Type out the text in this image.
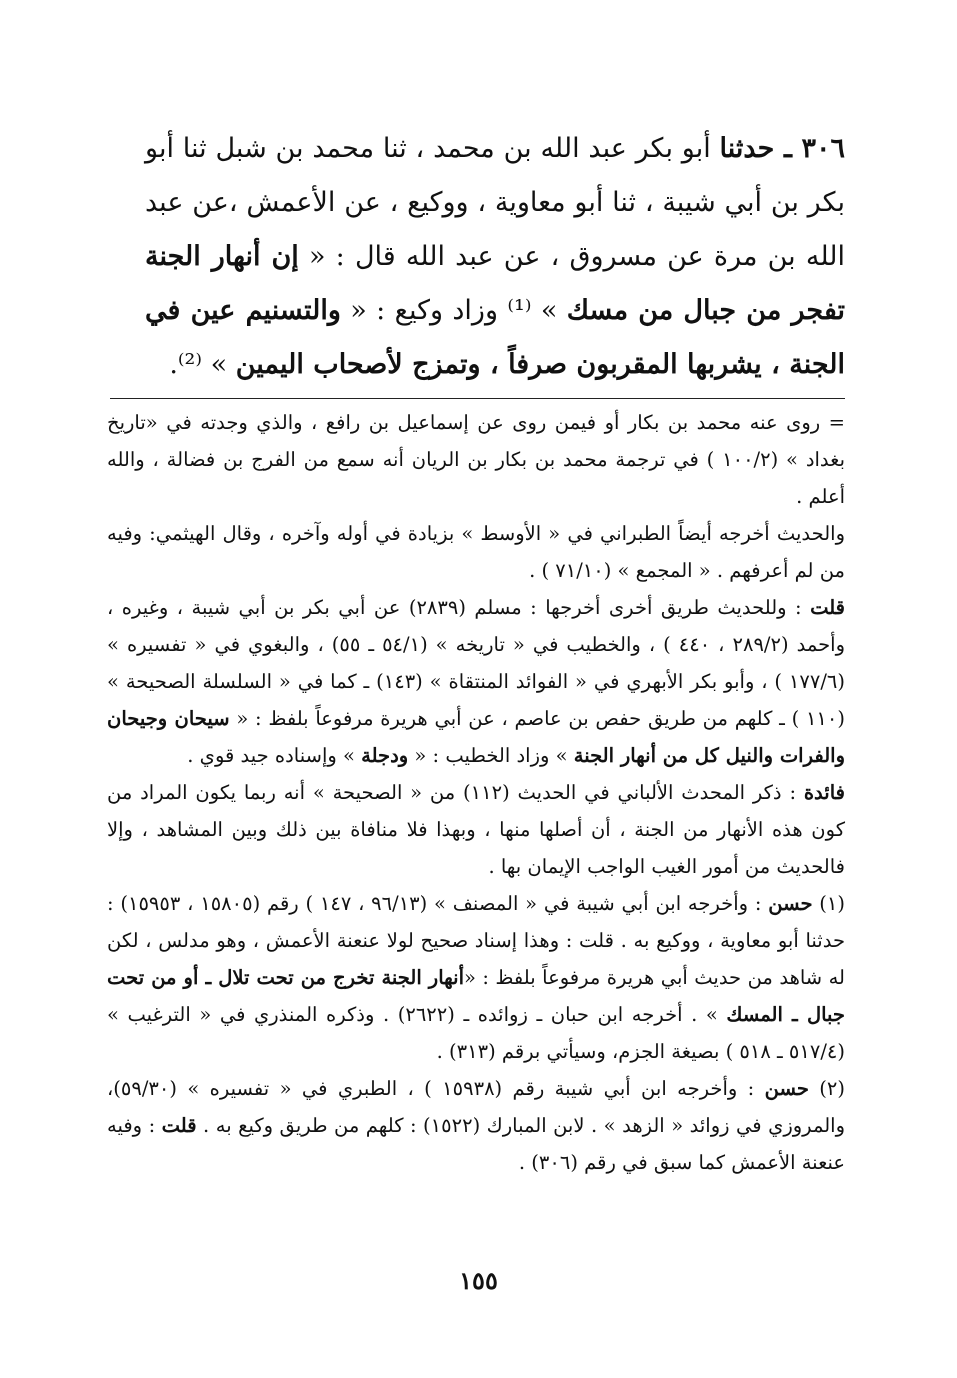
٣٠٦ ـ حدثنا أبو بكر عبد الله بن محمد ، ثنا محمد بن شبل ثنا أبو بكر بن أبي شيبة ، ثنا أبو معاوية ، ووكيع ، عن الأعمش ،عن عبد الله بن مرة عن مسروق ، عن عبد الله قال : « إن أنهار الجنة تفجر من جبال من مسك » ⁽¹⁾ وزاد وكيع : « والتسنيم عين في الجنة ، يشربها المقربون صرفاً ، وتمزج لأصحاب اليمين » ⁽²⁾.

= روى عنه محمد بن بكار أو فيمن روى عن إسماعيل بن رافع ، والذي وجدته في «تاريخ بغداد » (١٠٠/٢ ) في ترجمة محمد بن بكار بن الريان أنه سمع من الفرج بن فضالة ، والله أعلم .

والحديث أخرجه أيضاً الطبراني في « الأوسط » بزيادة في أوله وآخره ، وقال الهيثمي: وفيه من لم أعرفهم . « المجمع » (٧١/١٠ ) .

قلت : وللحديث طريق أخرى أخرجها : مسلم (٢٨٣٩) عن أبي بكر بن أبي شيبة ، وغيره ، وأحمد (٢٨٩/٢ ، ٤٤٠ ) ، والخطيب في « تاريخه » (٥٤/١ ـ ٥٥) ، والبغوي في « تفسيره » (١٧٧/٦ ) ، وأبو بكر الأبهري في « الفوائد المنتقاة » (١٤٣) ـ كما في « السلسلة الصحيحة » (١١٠ ) ـ كلهم من طريق حفص بن عاصم ، عن أبي هريرة مرفوعاً بلفظ : « سيحان وجيحان والفرات والنيل كل من أنهار الجنة » وزاد الخطيب : « ودجلة » وإسناده جيد قوي .

فائدة : ذكر المحدث الألباني في الحديث (١١٢) من « الصحيحة » أنه ربما يكون المراد من كون هذه الأنهار من الجنة ، أن أصلها منها ، وبهذا فلا منافاة بين ذلك وبين المشاهد ، وإلا فالحديث من أمور الغيب الواجب الإيمان بها .

(١) حسن : وأخرجه ابن أبي شيبة في « المصنف » (٩٦/١٣ ، ١٤٧ ) رقم (١٥٨٠٥ ، ١٥٩٥٣) : حدثنا أبو معاوية ، ووكيع به . قلت : وهذا إسناد صحيح لولا عنعنة الأعمش ، وهو مدلس ، لكن له شاهد من حديث أبي هريرة مرفوعاً بلفظ : «أنهار الجنة تخرج من تحت تلال ـ أو من تحت جبال ـ المسك » . أخرجه ابن حبان ـ زوائده ـ (٢٦٢٢) . وذكره المنذري في « الترغيب » (٥١٧/٤ ـ ٥١٨ ) بصيغة الجزم، وسيأتي برقم (٣١٣) .

(٢) حسن : وأخرجه ابن أبي شيبة رقم (١٥٩٣٨ ) ، الطبري في « تفسيره » (٥٩/٣٠)، والمروزي في زوائد « الزهد » . لابن المبارك (١٥٢٢) : كلهم من طريق وكيع به . قلت : وفيه عنعنة الأعمش كما سبق في رقم (٣٠٦) .

١٥٥
